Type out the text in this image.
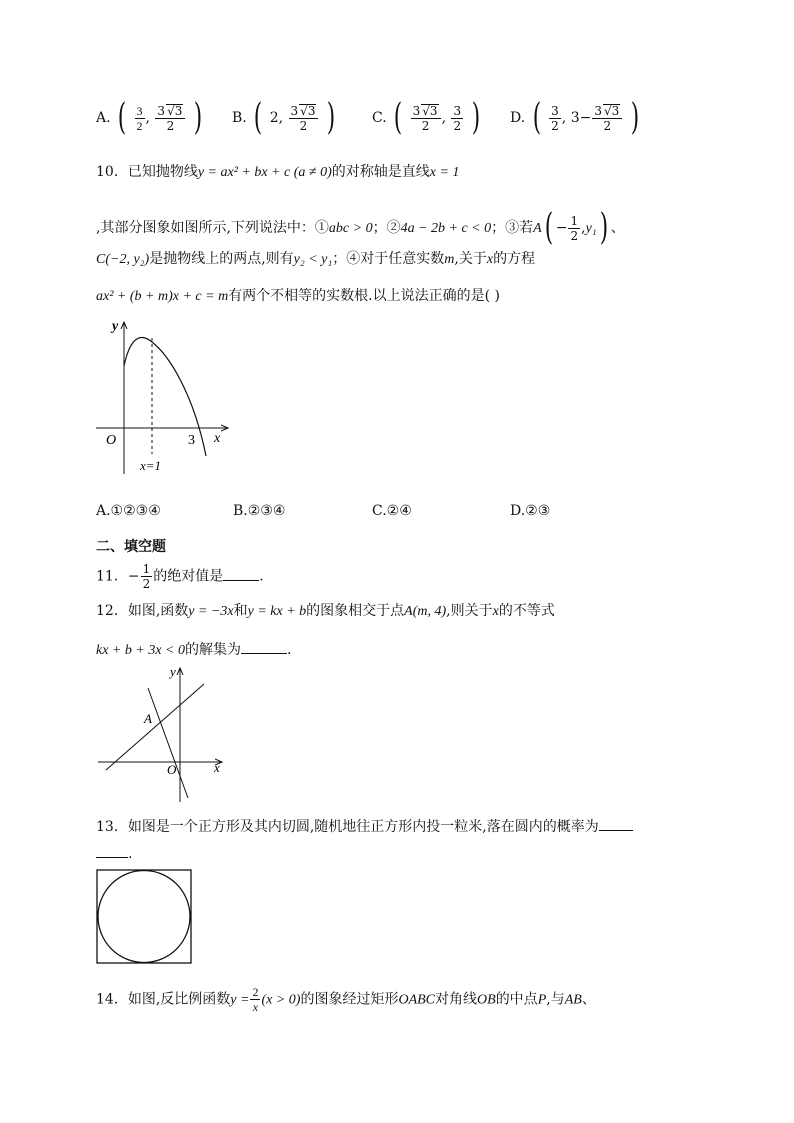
A. ( $\frac{3}{2}$ , $\frac{3 √3}{2}$ ) B. ( 2, $\frac{3 √3}{2}$ )	C. ( $\frac{3 √3}{2}$ , $\frac{3}{2}$ ) D. ( $\frac{3}{2}$ , $3- \frac{3 √3}{2}$ )
10．已知抛物线y = ax² + bx + c (a ≠ 0)的对称轴是直线x = 1
,其部分图象如图所示,下列说法中：①abc > 0；②4a − 2b + c < 0；③若$A( - \frac{1}{2} ,y_1)$ 、
C(−2, y₂)是抛物线上的两点,则有y₂ < y₁；④对于任意实数m,关于x的方程
ax² + (b + m)x + c = m有两个不相等的实数根.以上说法正确的是( )
y
O	3 x
x=1
A.①②③④	B.②③④	C.②④	D.②③
二、填空题
11．− $\frac{1}{2}$ 的绝对值是	.
12．如图,函数y = −3x和y = kx + b的图象相交于点A(m, 4),则关于x的不等式
kx + b + 3x < 0的解集为	.
y
A
O	x
13．如图是一个正方形及其内切圆,随机地往正方形内投一粒米,落在圆内的概率为
.
14．如图,反比例函数$y = \frac{2}{x} (x > 0)$的图象经过矩形OABC对角线OB的中点P,与AB、
